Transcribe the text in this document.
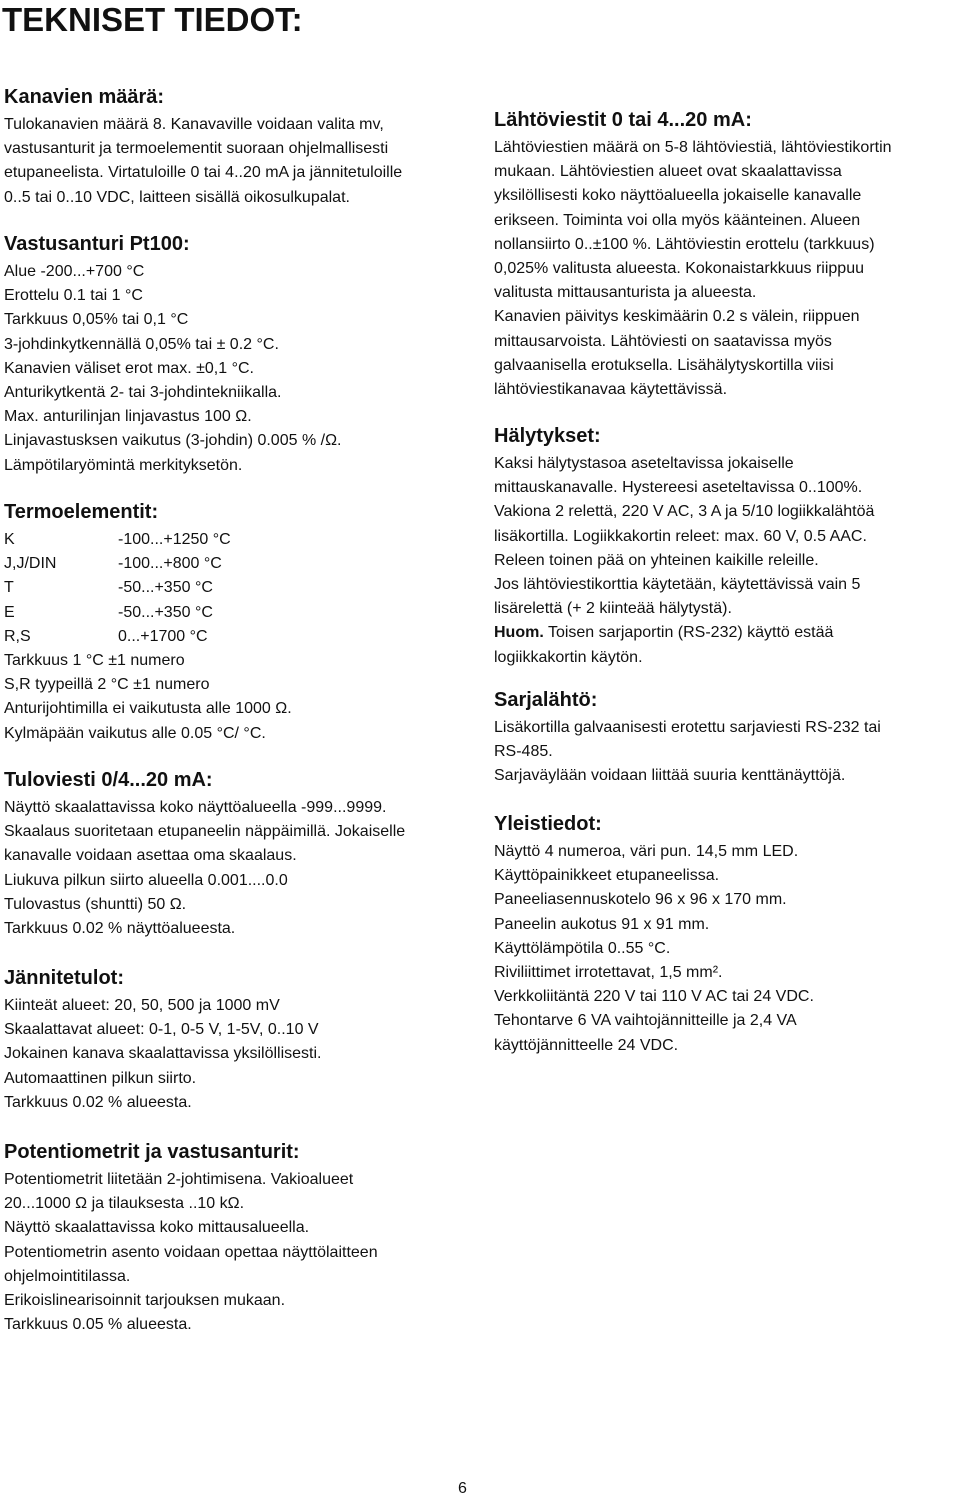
TEKNISET TIEDOT:
Kanavien määrä:
Tulokanavien määrä 8. Kanavaville voidaan valita mv,
vastusanturit ja termoelementit suoraan ohjelmallisesti
etupaneelista. Virtatuloille 0 tai 4..20 mA ja jännitetuloille
0..5 tai 0..10 VDC, laitteen sisällä oikosulkupalat.
Vastusanturi Pt100:
Alue -200...+700 °C
Erottelu 0.1 tai 1 °C
Tarkkuus 0,05% tai 0,1 °C
3-johdinkytkennällä 0,05% tai ± 0.2 °C.
Kanavien väliset erot max. ±0,1 °C.
Anturikytkentä 2- tai 3-johdintekniikalla.
Max. anturilinjan linjavastus 100 Ω.
Linjavastusksen vaikutus (3-johdin) 0.005 % /Ω.
Lämpötilaryömintä merkityksetön.
Termoelementit:
K	-100...+1250 °C
J,J/DIN	-100...+800 °C
T	-50...+350 °C
E	-50...+350 °C
R,S	0...+1700 °C
Tarkkuus 1 °C ±1 numero
S,R tyypeillä 2 °C ±1 numero
Anturijohtimilla ei vaikutusta alle 1000 Ω.
Kylmäpään vaikutus alle 0.05 °C/ °C.
Tuloviesti 0/4...20 mA:
Näyttö skaalattavissa koko näyttöalueella -999...9999.
Skaalaus suoritetaan etupaneelin näppäimillä. Jokaiselle
kanavalle voidaan asettaa oma skaalaus.
Liukuva pilkun siirto alueella 0.001....0.0
Tulovastus (shuntti) 50 Ω.
Tarkkuus 0.02 % näyttöalueesta.
Jännitetulot:
Kiinteät alueet: 20, 50, 500 ja 1000 mV
Skaalattavat alueet: 0-1, 0-5 V, 1-5V, 0..10 V
Jokainen kanava skaalattavissa yksilöllisesti.
Automaattinen pilkun siirto.
Tarkkuus 0.02 % alueesta.
Potentiometrit ja vastusanturit:
Potentiometrit liitetään 2-johtimisena. Vakioalueet
20...1000 Ω ja tilauksesta ..10 kΩ.
Näyttö skaalattavissa koko mittausalueella.
Potentiometrin asento voidaan opettaa näyttölaitteen
ohjelmointitilassa.
Erikoislinearisoinnit tarjouksen mukaan.
Tarkkuus 0.05 % alueesta.
Lähtöviestit 0 tai 4...20 mA:
Lähtöviestien määrä on 5-8 lähtöviestiä, lähtöviestikortin
mukaan. Lähtöviestien alueet ovat skaalattavissa
yksilöllisesti koko näyttöalueella jokaiselle kanavalle
erikseen. Toiminta voi olla myös käänteinen. Alueen
nollansiirto 0..±100 %. Lähtöviestin erottelu (tarkkuus)
0,025% valitusta alueesta. Kokonaistarkkuus riippuu
valitusta mittausanturista ja alueesta.
Kanavien päivitys keskimäärin 0.2 s välein, riippuen
mittausarvoista. Lähtöviesti on saatavissa myös
galvaanisella erotuksella. Lisähälytyskortilla viisi
lähtöviestikanavaa käytettävissä.
Hälytykset:
Kaksi hälytystasoa aseteltavissa jokaiselle
mittauskanavalle. Hystereesi aseteltavissa 0..100%.
Vakiona 2 relettä, 220 V AC, 3 A ja 5/10 logiikkalähtöä
lisäkortilla. Logiikkakortin releet: max. 60 V, 0.5 AAC.
Releen toinen pää on yhteinen kaikille releille.
Jos lähtöviestikorttia käytetään, käytettävissä vain 5
lisärelettä (+ 2 kiinteää hälytystä).
Huom. Toisen sarjaportin (RS-232) käyttö estää
logiikkakortin käytön.
Sarjalähtö:
Lisäkortilla galvaanisesti erotettu sarjaviesti RS-232 tai
RS-485.
Sarjaväylään voidaan liittää suuria kenttänäyttöjä.
Yleistiedot:
Näyttö 4 numeroa, väri pun. 14,5 mm LED.
Käyttöpainikkeet etupaneelissa.
Paneeliasennuskotelo 96 x 96 x 170 mm.
Paneelin aukotus 91 x 91 mm.
Käyttölämpötila 0..55 °C.
Riviliittimet irrotettavat, 1,5 mm².
Verkkoliitäntä 220 V tai 110 V AC tai 24 VDC.
Tehontarve 6 VA vaihtojännitteille ja 2,4 VA
käyttöjännitteelle 24 VDC.
6
